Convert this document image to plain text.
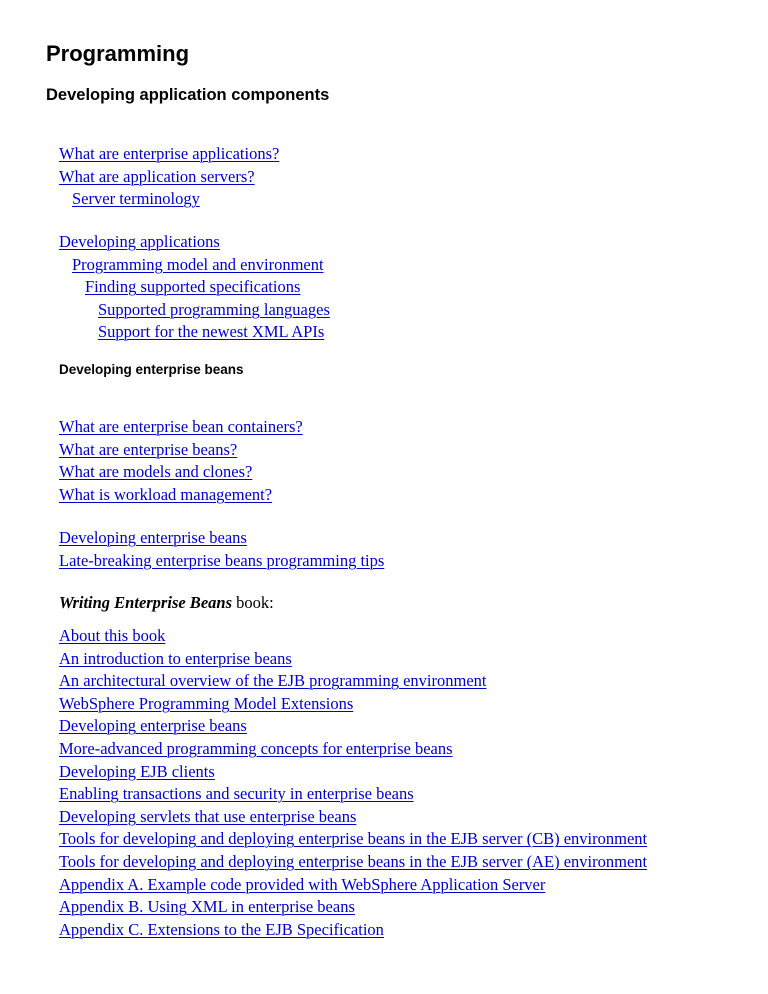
Programming
Developing application components
What are enterprise applications?
What are application servers?
Server terminology
Developing applications
Programming model and environment
Finding supported specifications
Supported programming languages
Support for the newest XML APIs
Developing enterprise beans
What are enterprise bean containers?
What are enterprise beans?
What are models and clones?
What is workload management?
Developing enterprise beans
Late-breaking enterprise beans programming tips

Writing Enterprise Beans book:

About this book
An introduction to enterprise beans
An architectural overview of the EJB programming environment
WebSphere Programming Model Extensions
Developing enterprise beans
More-advanced programming concepts for enterprise beans
Developing EJB clients
Enabling transactions and security in enterprise beans
Developing servlets that use enterprise beans
Tools for developing and deploying enterprise beans in the EJB server (CB) environment
Tools for developing and deploying enterprise beans in the EJB server (AE) environment
Appendix A. Example code provided with WebSphere Application Server
Appendix B. Using XML in enterprise beans
Appendix C. Extensions to the EJB Specification
